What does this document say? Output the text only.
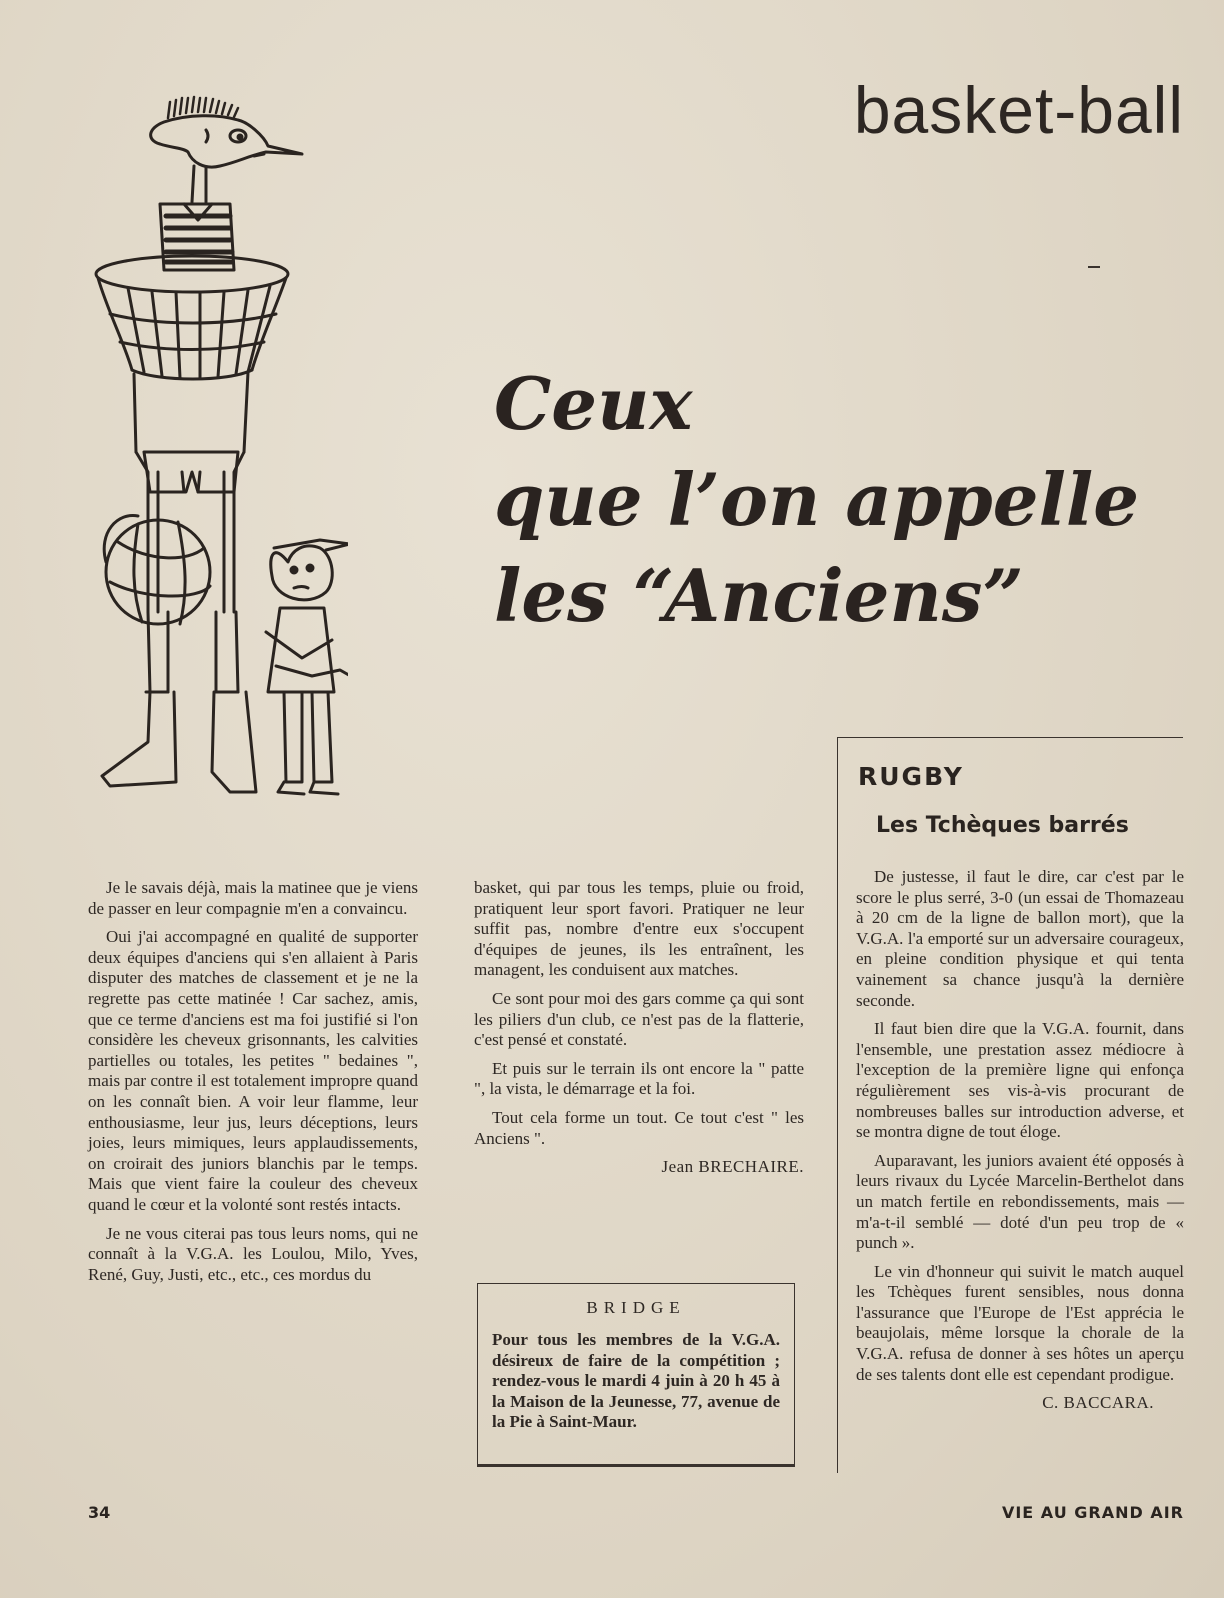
basket-ball
Ceux
que l’on appelle
les “Anciens”

Je le savais déjà, mais la matinee que je viens de passer en leur compagnie m'en a convaincu.

Oui j'ai accompagné en qualité de supporter deux équipes d'anciens qui s'en allaient à Paris disputer des matches de classement et je ne la regrette pas cette matinée ! Car sachez, amis, que ce terme d'anciens est ma foi justifié si l'on considère les cheveux grisonnants, les calvities partielles ou totales, les petites " bedaines ", mais par contre il est totalement impropre quand on les connaît bien. A voir leur flamme, leur enthousiasme, leur jus, leurs déceptions, leurs joies, leurs mimiques, leurs applaudissements, on croirait des juniors blanchis par le temps. Mais que vient faire la couleur des cheveux quand le cœur et la volonté sont restés intacts.

Je ne vous citerai pas tous leurs noms, qui ne connaît à la V.G.A. les Loulou, Milo, Yves, René, Guy, Justi, etc., etc., ces mordus du

basket, qui par tous les temps, pluie ou froid, pratiquent leur sport favori. Pratiquer ne leur suffit pas, nombre d'entre eux s'occupent d'équipes de jeunes, ils les entraînent, les managent, les conduisent aux matches.

Ce sont pour moi des gars comme ça qui sont les piliers d'un club, ce n'est pas de la flatterie, c'est pensé et constaté.

Et puis sur le terrain ils ont encore la " patte ", la vista, le démarrage et la foi.

Tout cela forme un tout. Ce tout c'est " les Anciens ".

Jean BRECHAIRE.
BRIDGE
Pour tous les membres de la V.G.A. désireux de faire de la compétition ; rendez-vous le mardi 4 juin à 20 h 45 à la Maison de la Jeunesse, 77, avenue de la Pie à Saint-Maur.
RUGBY
Les Tchèques barrés

De justesse, il faut le dire, car c'est par le score le plus serré, 3-0 (un essai de Thomazeau à 20 cm de la ligne de ballon mort), que la V.G.A. l'a emporté sur un adversaire courageux, en pleine condition physique et qui tenta vainement sa chance jusqu'à la dernière seconde.

Il faut bien dire que la V.G.A. fournit, dans l'ensemble, une prestation assez médiocre à l'exception de la première ligne qui enfonça régulièrement ses vis-à-vis procurant de nombreuses balles sur introduction adverse, et se montra digne de tout éloge.

Auparavant, les juniors avaient été opposés à leurs rivaux du Lycée Marcelin-Berthelot dans un match fertile en rebondissements, mais — m'a-t-il semblé — doté d'un peu trop de « punch ».

Le vin d'honneur qui suivit le match auquel les Tchèques furent sensibles, nous donna l'assurance que l'Europe de l'Est apprécia le beaujolais, même lorsque la chorale de la V.G.A. refusa de donner à ses hôtes un aperçu de ses talents dont elle est cependant prodigue.

C. BACCARA.
34	VIE AU GRAND AIR
